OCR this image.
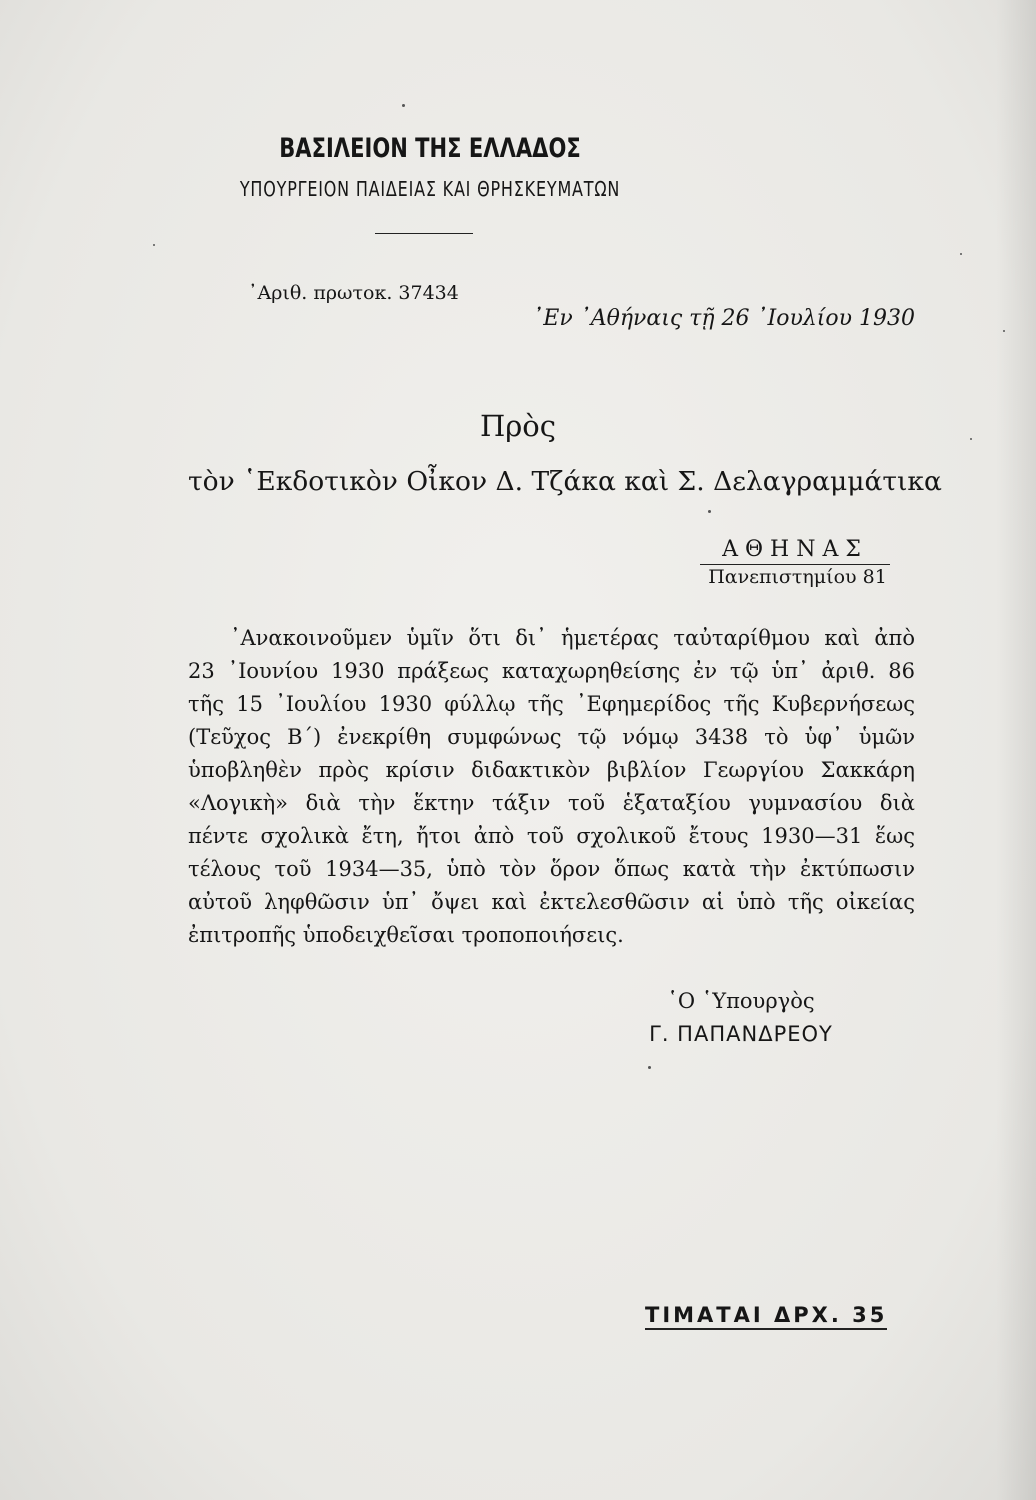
ΒΑΣΙΛΕΙΟΝ ΤΗΣ ΕΛΛΑΔΟΣ
ΥΠΟΥΡΓΕΙΟΝ ΠΑΙΔΕΙΑΣ ΚΑΙ ΘΡΗΣΚΕΥΜΑΤΩΝ
᾿Αριθ. πρωτοκ. 37434
᾿Εν ᾿Αθήναις τῇ 26 ᾿Ιουλίου 1930
Πρὸς
τὸν ῾Εκδοτικὸν Οἶκον Δ. Τζάκα καὶ Σ. Δελαγραμμάτικα
ΑΘΗΝΑΣ
Πανεπιστημίου 81
᾿Ανακοινοῦμεν ὑμῖν ὅτι δι᾿ ἡμετέρας ταὐταρίθμου καὶ ἀπὸ
23 ᾿Ιουνίου 1930 πράξεως καταχωρηθείσης ἐν τῷ ὑπ᾿ ἀριθ. 86
τῆς 15 ᾿Ιουλίου 1930 φύλλῳ τῆς ᾿Εφημερίδος τῆς Κυβερνήσεως
(Τεῦχος Β΄) ἐνεκρίθη συμφώνως τῷ νόμῳ 3438 τὸ ὑφ᾿ ὑμῶν
ὑποβληθὲν πρὸς κρίσιν διδακτικὸν βιβλίον Γεωργίου Σακκάρη
«Λογικὴ» διὰ τὴν ἕκτην τάξιν τοῦ ἑξαταξίου γυμνασίου διὰ
πέντε σχολικὰ ἔτη, ἤτοι ἀπὸ τοῦ σχολικοῦ ἔτους 1930—31 ἕως
τέλους τοῦ 1934—35, ὑπὸ τὸν ὅρον ὅπως κατὰ τὴν ἐκτύπωσιν
αὐτοῦ ληφθῶσιν ὑπ᾿ ὄψει καὶ ἐκτελεσθῶσιν αἱ ὑπὸ τῆς οἰκείας
ἐπιτροπῆς ὑποδειχθεῖσαι τροποποιήσεις.
῾Ο ῾Υπουργὸς
Γ. ΠΑΠΑΝΔΡΕΟΥ
ΤΙΜΑΤΑΙ ΔΡΧ. 35
